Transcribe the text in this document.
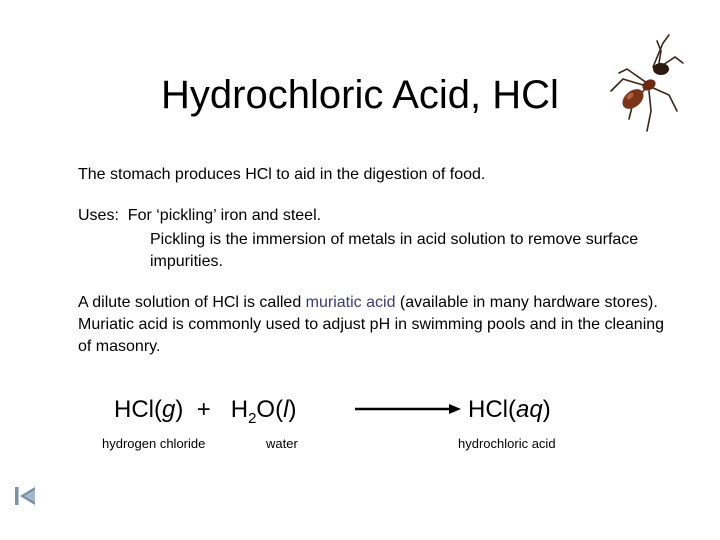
Hydrochloric Acid, HCl

The stomach produces HCl to aid in the digestion of food.

Uses: For ‘pickling’ iron and steel.

Pickling is the immersion of metals in acid solution to remove surface impurities.

A dilute solution of HCl is called muriatic acid (available in many hardware stores). Muriatic acid is commonly used to adjust pH in swimming pools and in the cleaning of masonry.

$HCl(g) + H_2O(l)$	HCl(aq)
hydrogen chloride	water	hydrochloric acid
